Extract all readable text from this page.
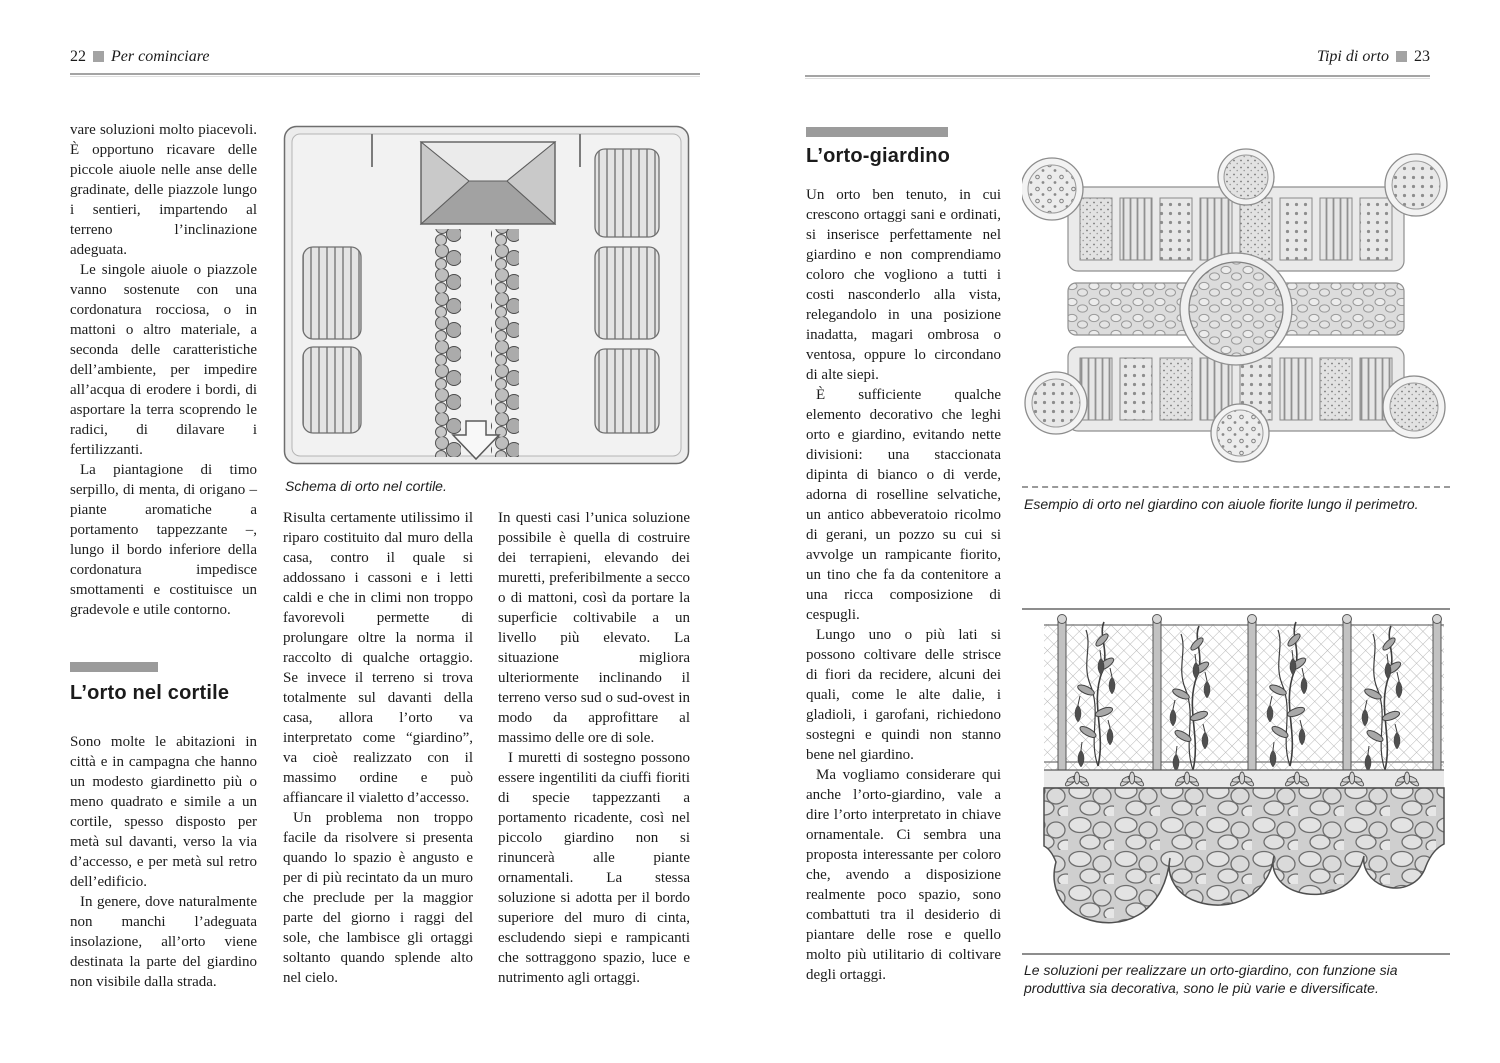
22 Per cominciare

vare soluzioni molto piacevoli. È opportuno ricavare delle piccole aiuole nelle anse delle gradinate, delle piazzole lungo i sentieri, impartendo al terreno l’inclinazione adeguata.

Le singole aiuole o piazzole vanno sostenute con una cordonatura rocciosa, o in mattoni o altro materiale, a seconda delle caratteristiche dell’ambiente, per impedire all’acqua di erodere i bordi, di asportare la terra scoprendo le radici, di dilavare i fertilizzanti.

La piantagione di timo serpillo, di menta, di origano – piante aromatiche a portamento tappezzante –, lungo il bordo inferiore della cordonatura impedisce smottamenti e costituisce un gradevole e utile contorno.

L’orto nel cortile

Sono molte le abitazioni in città e in campagna che hanno un modesto giardinetto più o meno quadrato e simile a un cortile, spesso disposto per metà sul davanti, verso la via d’accesso, e per metà sul retro dell’edificio.

In genere, dove naturalmente non manchi l’adeguata insolazione, all’orto viene destinata la parte del giardino non visibile dalla strada.

Schema di orto nel cortile.

Risulta certamente utilissimo il riparo costituito dal muro della casa, contro il quale si addossano i cassoni e i letti caldi e che in climi non troppo favorevoli permette di prolungare oltre la norma il raccolto di qualche ortaggio. Se invece il terreno si trova totalmente sul davanti della casa, allora l’orto va interpretato come “giardino”, va cioè realizzato con il massimo ordine e può affiancare il vialetto d’accesso.

Un problema non troppo facile da risolvere si presenta quando lo spazio è angusto e per di più recintato da un muro che preclude per la maggior parte del giorno i raggi del sole, che lambisce gli ortaggi soltanto quando splende alto nel cielo.

In questi casi l’unica soluzione possibile è quella di costruire dei terrapieni, elevando dei muretti, preferibilmente a secco o di mattoni, così da portare la superficie coltivabile a un livello più elevato. La situazione migliora ulteriormente inclinando il terreno verso sud o sud-ovest in modo da approfittare al massimo delle ore di sole.

I muretti di sostegno possono essere ingentiliti da ciuffi fioriti di specie tappezzanti a portamento ricadente, così nel piccolo giardino non si rinuncerà alle piante ornamentali. La stessa soluzione si adotta per il bordo superiore del muro di cinta, escludendo siepi e rampicanti che sottraggono spazio, luce e nutrimento agli ortaggi.

Tipi di orto 23
L’orto-giardino

Un orto ben tenuto, in cui crescono ortaggi sani e ordinati, si inserisce perfettamente nel giardino e non comprendiamo coloro che vogliono a tutti i costi nasconderlo alla vista, relegandolo in una posizione inadatta, magari ombrosa o ventosa, oppure lo circondano di alte siepi.

È sufficiente qualche elemento decorativo che leghi orto e giardino, evitando nette divisioni: una staccionata dipinta di bianco o di verde, adorna di roselline selvatiche, un antico abbeveratoio ricolmo di gerani, un pozzo su cui si avvolge un rampicante fiorito, un tino che fa da contenitore a una ricca composizione di cespugli.

Lungo uno o più lati si possono coltivare delle strisce di fiori da recidere, alcuni dei quali, come le alte dalie, i gladioli, i garofani, richiedono sostegni e quindi non stanno bene nel giardino.

Ma vogliamo considerare qui anche l’orto-giardino, vale a dire l’orto interpretato in chiave ornamentale. Ci sembra una proposta interessante per coloro che, avendo a disposizione realmente poco spazio, sono combattuti tra il desiderio di piantare delle rose e quello molto più utilitario di coltivare degli ortaggi.

Esempio di orto nel giardino con aiuole fiorite lungo il perimetro.
Le soluzioni per realizzare un orto-giardino, con funzione sia produttiva sia decorativa, sono le più varie e diversificate.
